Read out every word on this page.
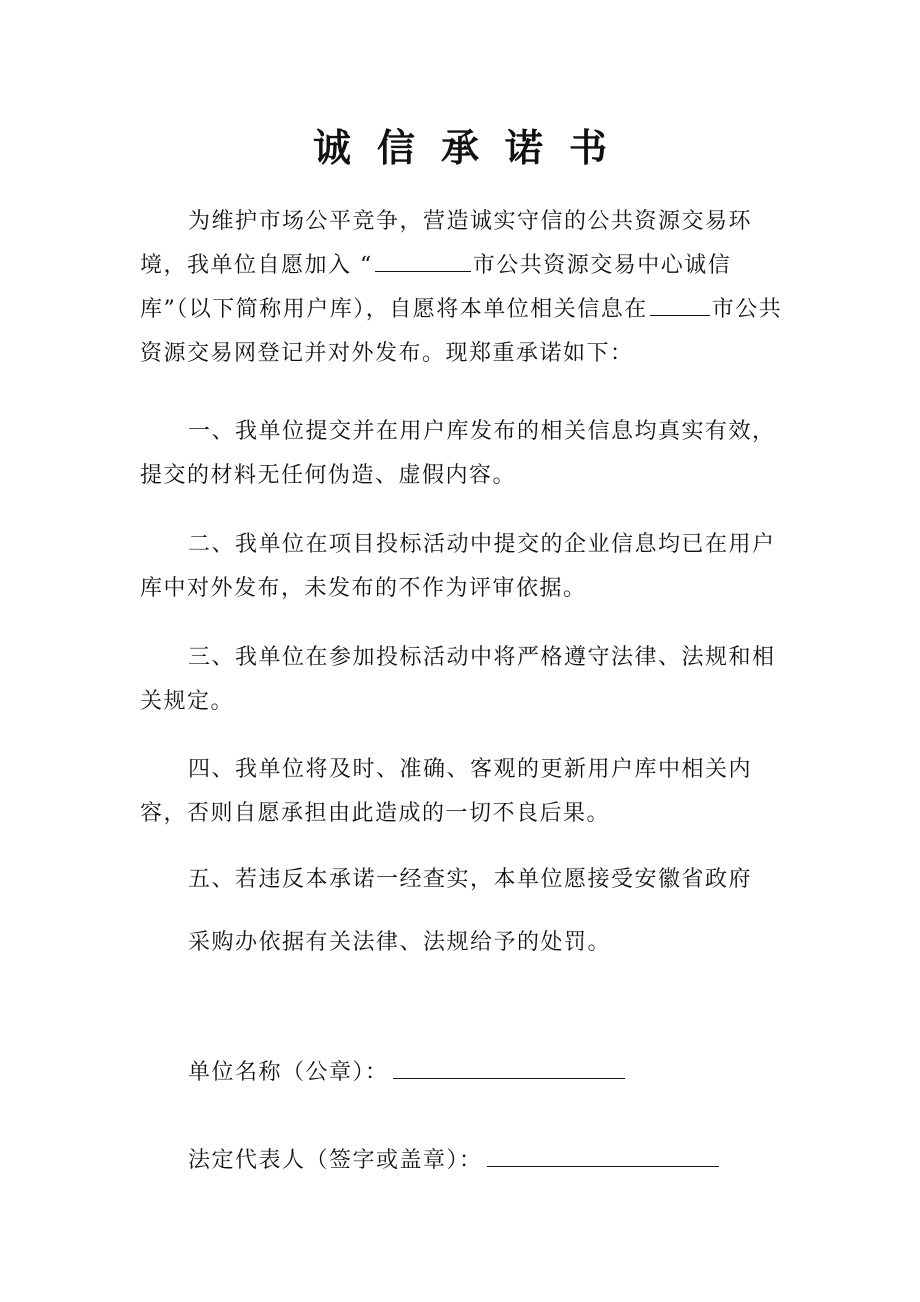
诚信承诺书
为维护市场公平竞争，营造诚实守信的公共资源交易环境，我单位自愿加入 “	市公共资源交易中心诚信库”（以下简称用户库），自愿将本单位相关信息在	市公共资源交易网登记并对外发布。现郑重承诺如下：
一、我单位提交并在用户库发布的相关信息均真实有效，提交的材料无任何伪造、虚假内容。
二、我单位在项目投标活动中提交的企业信息均已在用户库中对外发布，未发布的不作为评审依据。
三、我单位在参加投标活动中将严格遵守法律、法规和相关规定。
四、我单位将及时、准确、客观的更新用户库中相关内容，否则自愿承担由此造成的一切不良后果。
五、若违反本承诺一经查实，本单位愿接受安徽省政府
采购办依据有关法律、法规给予的处罚。
单位名称（公章）：
法定代表人（签字或盖章）：
